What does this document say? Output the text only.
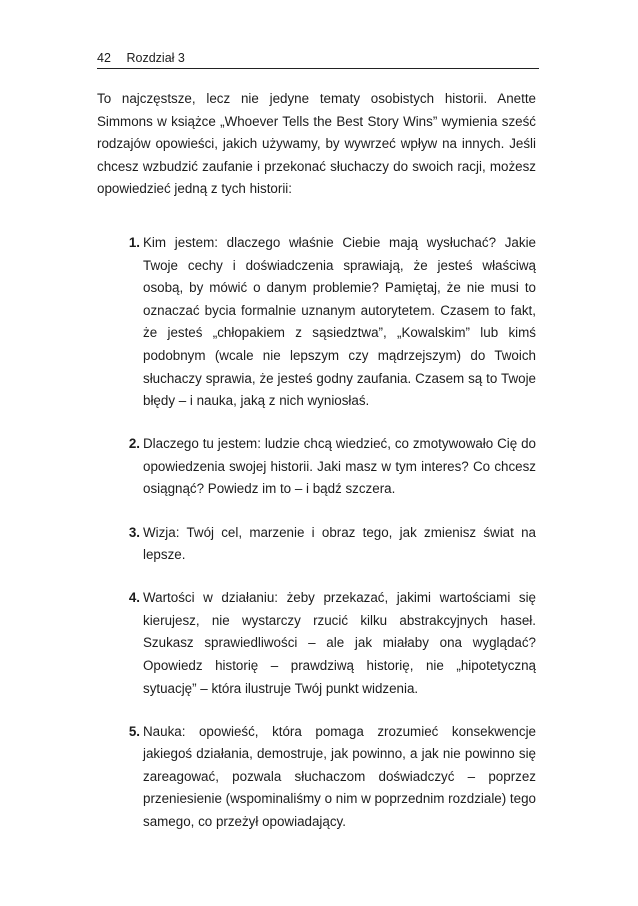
42 Rozdział 3

To najczęstsze, lecz nie jedyne tematy osobistych historii. Anette Simmons w książce „Whoever Tells the Best Story Wins” wymienia sześć rodzajów opowieści, jakich używamy, by wywrzeć wpływ na innych. Jeśli chcesz wzbudzić zaufanie i przekonać słuchaczy do swoich racji, możesz opowiedzieć jedną z tych historii:

1. Kim jestem: dlaczego właśnie Ciebie mają wysłuchać? Jakie Twoje cechy i doświadczenia sprawiają, że jesteś właściwą osobą, by mówić o danym problemie? Pamiętaj, że nie musi to oznaczać bycia formalnie uznanym autorytetem. Czasem to fakt, że jesteś „chłopakiem z sąsiedztwa”, „Kowalskim” lub kimś podobnym (wcale nie lepszym czy mądrzejszym) do Twoich słuchaczy sprawia, że jesteś godny zaufania. Czasem są to Twoje błędy – i nauka, jaką z nich wyniosłaś.
2. Dlaczego tu jestem: ludzie chcą wiedzieć, co zmotywowało Cię do opowiedzenia swojej historii. Jaki masz w tym interes? Co chcesz osiągnąć? Powiedz im to – i bądź szczera.
3. Wizja: Twój cel, marzenie i obraz tego, jak zmienisz świat na lepsze.
4. Wartości w działaniu: żeby przekazać, jakimi wartościami się kierujesz, nie wystarczy rzucić kilku abstrakcyjnych haseł. Szukasz sprawiedliwości – ale jak miałaby ona wyglądać? Opowiedz historię – prawdziwą historię, nie „hipotetyczną sytuację” – która ilustruje Twój punkt widzenia.
5. Nauka: opowieść, która pomaga zrozumieć konsekwencje jakiegoś działania, demostruje, jak powinno, a jak nie powinno się zareagować, pozwala słuchaczom doświadczyć – poprzez przeniesienie (wspominaliśmy o nim w poprzednim rozdziale) tego samego, co przeżył opowiadający.
